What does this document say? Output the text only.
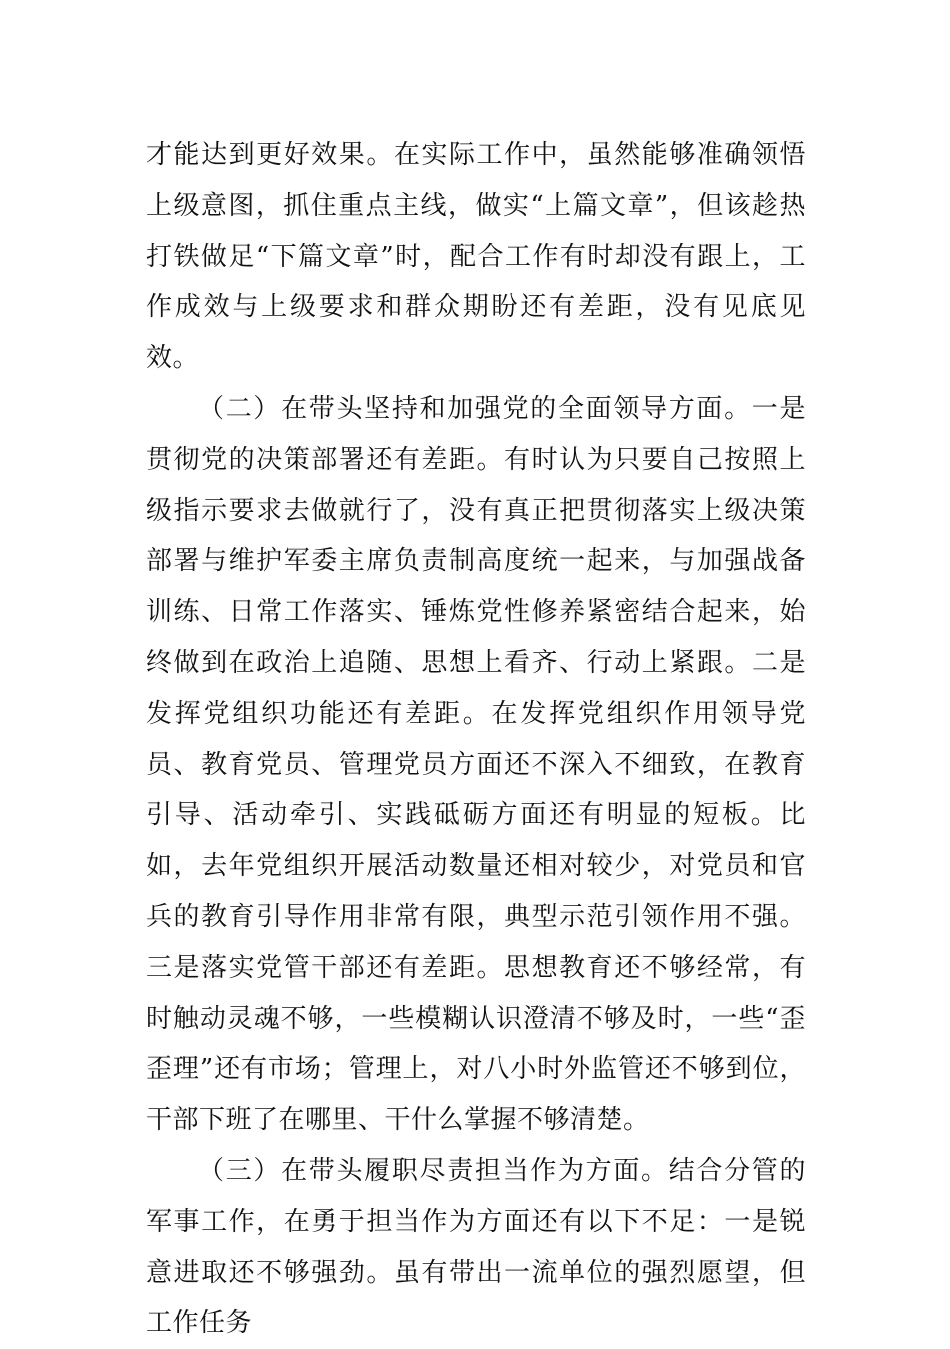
才能达到更好效果。在实际工作中，虽然能够准确领悟上级意图，抓住重点主线，做实“上篇文章”，但该趁热打铁做足“下篇文章”时，配合工作有时却没有跟上，工作成效与上级要求和群众期盼还有差距，没有见底见效。

（二）在带头坚持和加强党的全面领导方面。一是贯彻党的决策部署还有差距。有时认为只要自己按照上级指示要求去做就行了，没有真正把贯彻落实上级决策部署与维护军委主席负责制高度统一起来，与加强战备训练、日常工作落实、锤炼党性修养紧密结合起来，始终做到在政治上追随、思想上看齐、行动上紧跟。二是发挥党组织功能还有差距。在发挥党组织作用领导党员、教育党员、管理党员方面还不深入不细致，在教育引导、活动牵引、实践砥砺方面还有明显的短板。比如，去年党组织开展活动数量还相对较少，对党员和官兵的教育引导作用非常有限，典型示范引领作用不强。三是落实党管干部还有差距。思想教育还不够经常，有时触动灵魂不够，一些模糊认识澄清不够及时，一些“歪歪理”还有市场；管理上，对八小时外监管还不够到位，干部下班了在哪里、干什么掌握不够清楚。

（三）在带头履职尽责担当作为方面。结合分管的军事工作，在勇于担当作为方面还有以下不足：一是锐意进取还不够强劲。虽有带出一流单位的强烈愿望，但工作任务
